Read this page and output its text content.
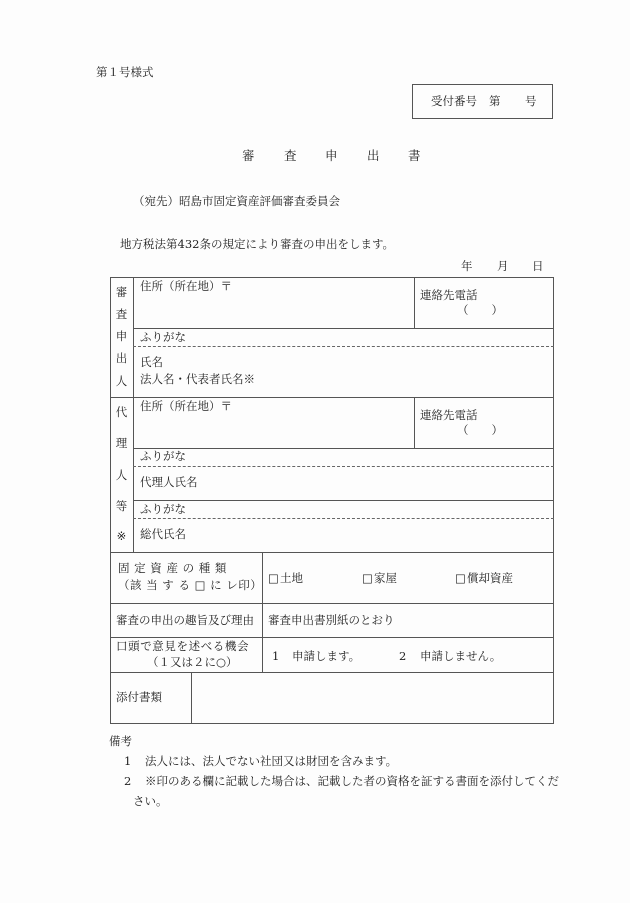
第１号様式
受付番号 第 号
審 査 申 出 書
（宛先）昭島市固定資産評価審査委員会
地方税法第432条の規定により審査の申出をします。
年 月 日
審
査
申
出
人
住所（所在地）〒
連絡先電話
（　　）
ふりがな
氏名
法人名・代表者氏名※
代
理
人
等
※
住所（所在地）〒
連絡先電話
（　　）
ふりがな
代理人氏名
ふりがな
総代氏名
固 定 資 産 の 種 類
（該 当 す る □ に レ印） □ 土地	□ 家屋	□ 償却資産
審査の申出の趣旨及び理由 審査申出書別紙のとおり
口頭で意見を述べる機会
（１又は２に○）	1 申請します。	2 申請しません。
添付書類
備考
1 法人には、法人でない社団又は財団を含みます。
2 ※印のある欄に記載した場合は、記載した者の資格を証する書面を添付してくだ
さい。
